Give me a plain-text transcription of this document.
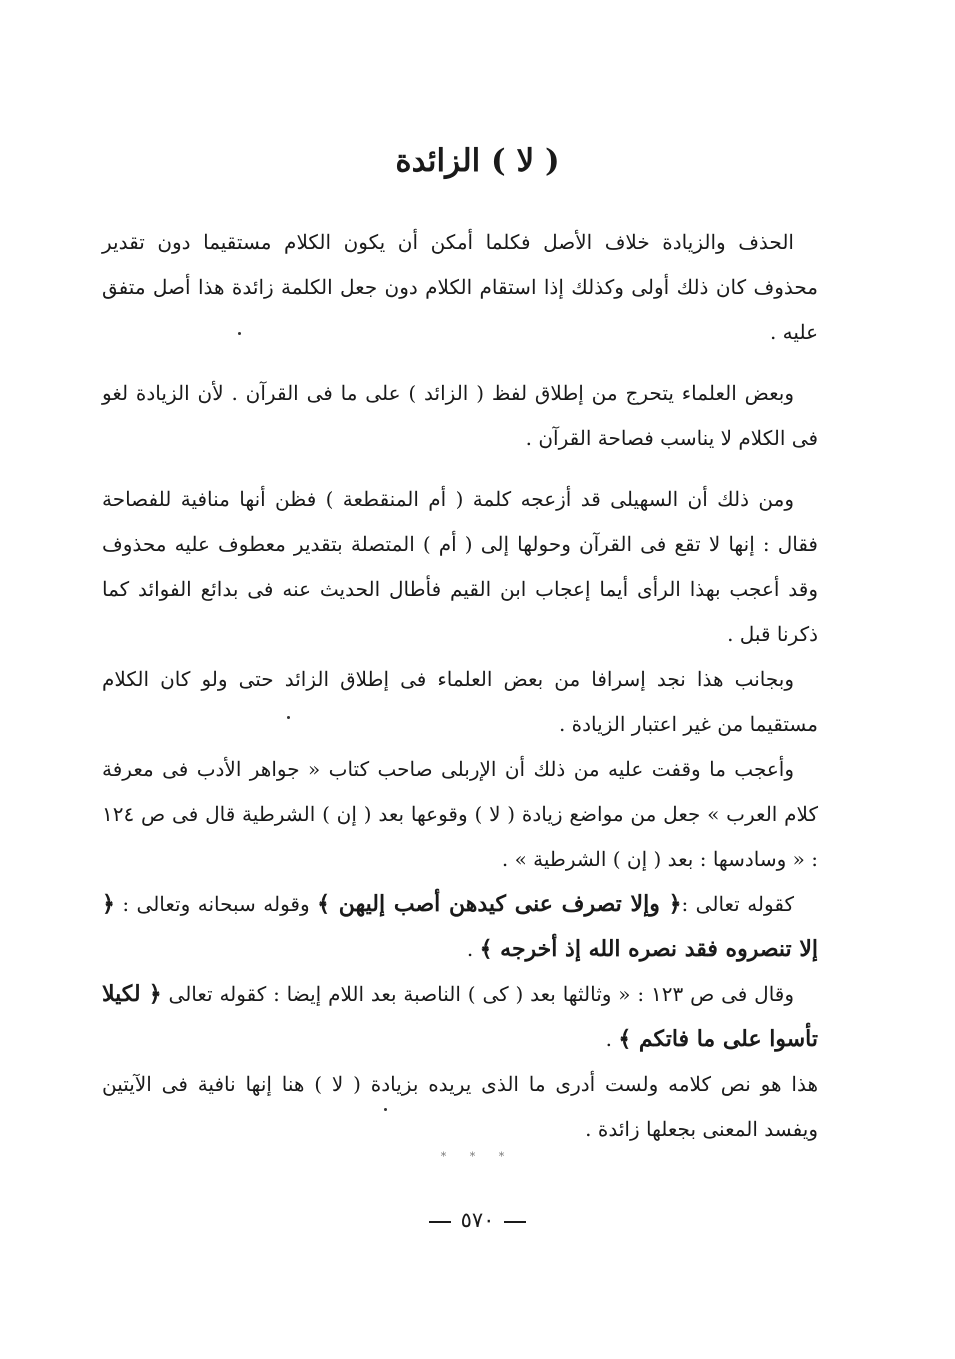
( لا ) الزائدة

الحذف والزيادة خلاف الأصل فكلما أمكن أن يكون الكلام مستقيما دون تقدير محذوف كان ذلك أولى وكذلك إذا استقام الكلام دون جعل الكلمة زائدة هذا أصل متفق عليه .

وبعض العلماء يتحرج من إطلاق لفظ ( الزائد ) على ما فى القرآن . لأن الزيادة لغو فى الكلام لا يناسب فصاحة القرآن .

ومن ذلك أن السهيلى قد أزعجه كلمة ( أم المنقطعة ) فظن أنها منافية للفصاحة فقال : إنها لا تقع فى القرآن وحولها إلى ( أم ) المتصلة بتقدير معطوف عليه محذوف وقد أعجب بهذا الرأى أيما إعجاب ابن القيم فأطال الحديث عنه فى بدائع الفوائد كما ذكرنا قبل .

وبجانب هذا نجد إسرافا من بعض العلماء فى إطلاق الزائد حتى ولو كان الكلام مستقيما من غير اعتبار الزيادة .

وأعجب ما وقفت عليه من ذلك أن الإربلى صاحب كتاب « جواهر الأدب فى معرفة كلام العرب » جعل من مواضع زيادة ( لا ) وقوعها بعد ( إن ) الشرطية قال فى ص ١٢٤ : « وسادسها : بعد ( إن ) الشرطية » .

كقوله تعالى :﴿ وإلا تصرف عنى كيدهن أصب إليهن ﴾ وقوله سبحانه وتعالى : ﴿ إلا تنصروه فقد نصره الله إذ أخرجه ﴾ .

وقال فى ص ١٢٣ : « وثالثها بعد ( كى ) الناصبة بعد اللام إيضا : كقوله تعالى ﴿ لكيلا تأسوا على ما فاتكم ﴾ .

هذا هو نص كلامه ولست أدرى ما الذى يريده بزيادة ( لا ) هنا إنها نافية فى الآيتين ويفسد المعنى بجعلها زائدة .

* * *
٥٧٠
